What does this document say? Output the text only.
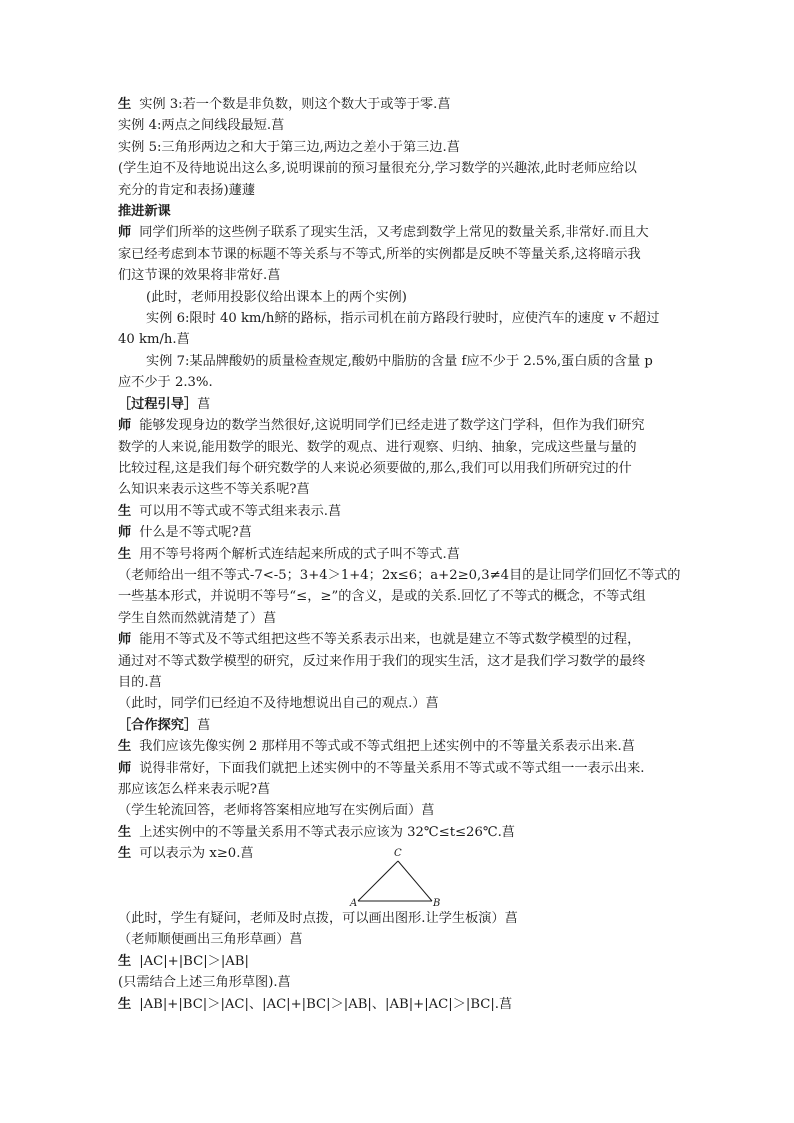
生 实例 3:若一个数是非负数，则这个数大于或等于零.菖
实例 4:两点之间线段最短.菖
实例 5:三角形两边之和大于第三边,两边之差小于第三边.菖
(学生迫不及待地说出这么多,说明课前的预习量很充分,学习数学的兴趣浓,此时老师应给以
充分的肯定和表扬)蘧蘧
推进新课
师 同学们所举的这些例子联系了现实生活，又考虑到数学上常见的数量关系,非常好.而且大
家已经考虑到本节课的标题不等关系与不等式,所举的实例都是反映不等量关系,这将暗示我
们这节课的效果将非常好.菖
(此时，老师用投影仪给出课本上的两个实例)
实例 6:限时 40 km/h鲚的路标，指示司机在前方路段行驶时，应使汽车的速度 v 不超过
40 km/h.菖
实例 7:某品牌酸奶的质量检查规定,酸奶中脂肪的含量 f应不少于 2.5%,蛋白质的含量 p
应不少于 2.3%.
［过程引导］菖
师 能够发现身边的数学当然很好,这说明同学们已经走进了数学这门学科，但作为我们研究
数学的人来说,能用数学的眼光、数学的观点、进行观察、归纳、抽象，完成这些量与量的
比较过程,这是我们每个研究数学的人来说必须要做的,那么,我们可以用我们所研究过的什
么知识来表示这些不等关系呢?菖
生 可以用不等式或不等式组来表示.菖
师 什么是不等式呢?菖
生 用不等号将两个解析式连结起来所成的式子叫不等式.菖
（老师给出一组不等式-7<-5；3+4＞1+4；2x≤6；a+2≥0,3≠4目的是让同学们回忆不等式的
一些基本形式，并说明不等号“≤，≥”的含义，是或的关系.回忆了不等式的概念，不等式组
学生自然而然就清楚了）菖
师 能用不等式及不等式组把这些不等关系表示出来，也就是建立不等式数学模型的过程，
通过对不等式数学模型的研究，反过来作用于我们的现实生活，这才是我们学习数学的最终
目的.菖
（此时，同学们已经迫不及待地想说出自己的观点.）菖
［合作探究］菖
生 我们应该先像实例 2 那样用不等式或不等式组把上述实例中的不等量关系表示出来.菖
师 说得非常好，下面我们就把上述实例中的不等量关系用不等式或不等式组一一表示出来.
那应该怎么样来表示呢?菖
（学生轮流回答，老师将答案相应地写在实例后面）菖
生 上述实例中的不等量关系用不等式表示应该为 32℃≤t≤26℃.菖
生 可以表示为 x≥0.菖
A	B
C
（此时，学生有疑问，老师及时点拨，可以画出图形.让学生板演）菖
（老师顺便画出三角形草画）菖
生 |AC|+|BC|＞|AB|
(只需结合上述三角形草图).菖
生 |AB|+|BC|＞|AC|、|AC|+|BC|＞|AB|、|AB|+|AC|＞|BC|.菖
